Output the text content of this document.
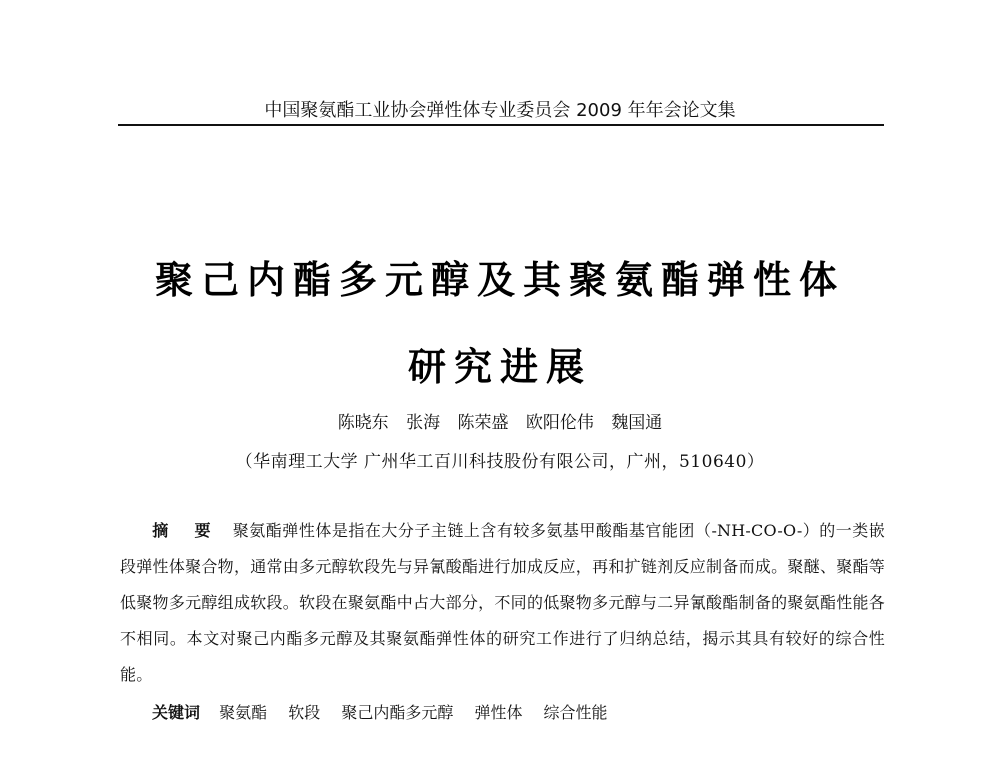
中国聚氨酯工业协会弹性体专业委员会 2009 年年会论文集
聚己内酯多元醇及其聚氨酯弹性体
研究进展
陈晓东 张海 陈荣盛 欧阳伦伟 魏国通
（华南理工大学 广州华工百川科技股份有限公司，广州，510640）
摘 要 聚氨酯弹性体是指在大分子主链上含有较多氨基甲酸酯基官能团（-NH-CO-O-）的一类嵌段弹性体聚合物，通常由多元醇软段先与异氰酸酯进行加成反应，再和扩链剂反应制备而成。聚醚、聚酯等低聚物多元醇组成软段。软段在聚氨酯中占大部分，不同的低聚物多元醇与二异氰酸酯制备的聚氨酯性能各不相同。本文对聚己内酯多元醇及其聚氨酯弹性体的研究工作进行了归纳总结，揭示其具有较好的综合性能。
关键词 聚氨酯 软段 聚己内酯多元醇 弹性体 综合性能
